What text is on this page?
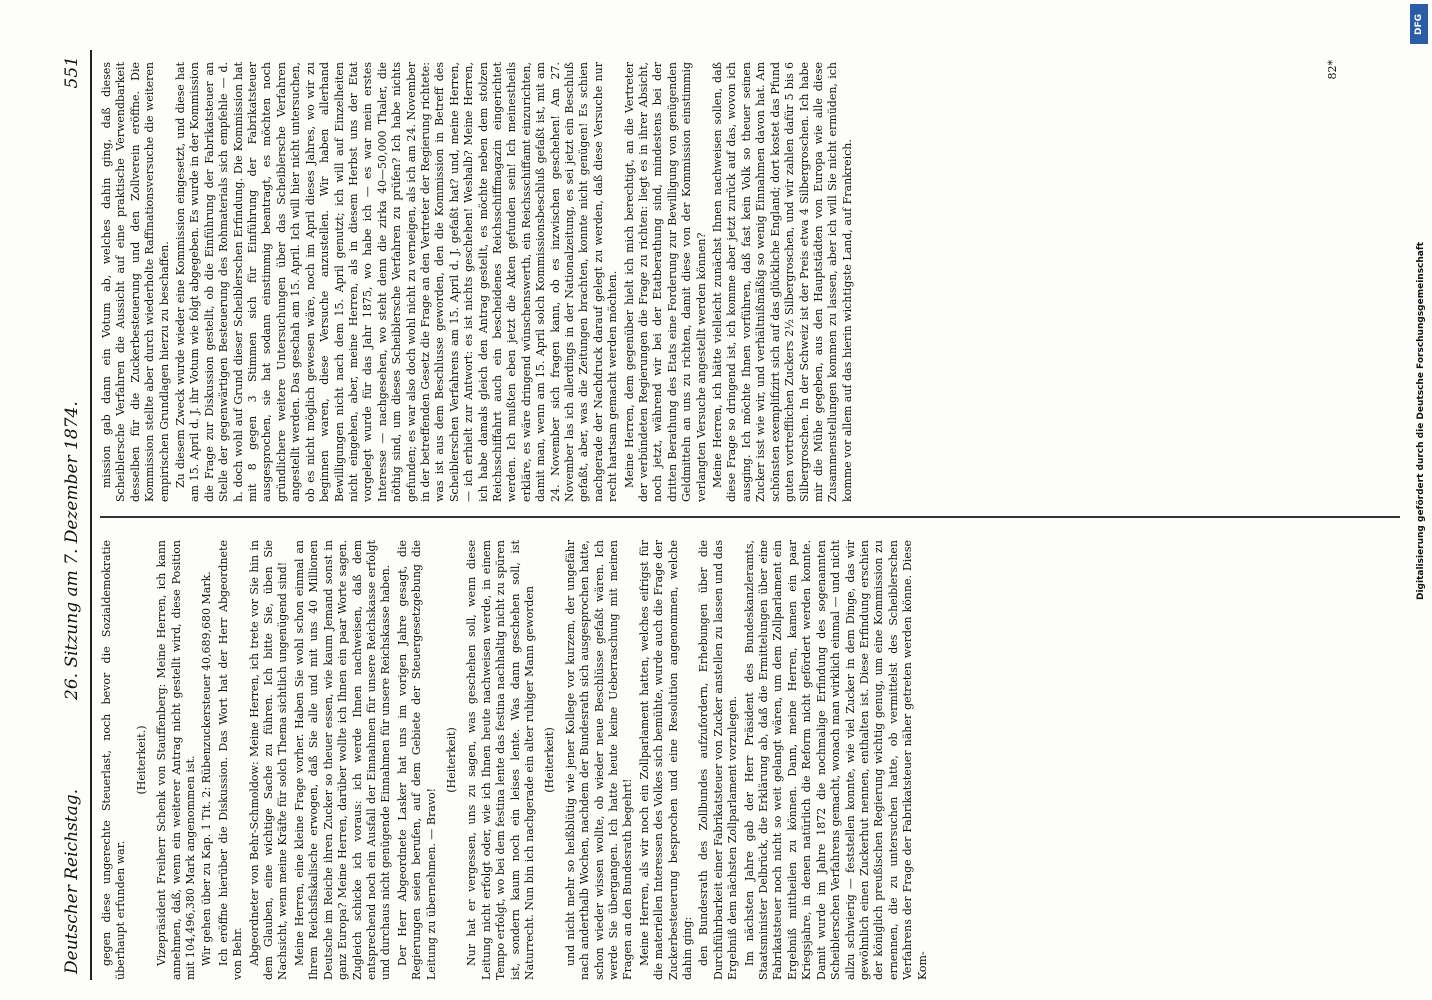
Deutscher Reichstag.
26. Sitzung am 7. Dezember 1874.
551

gegen diese ungerechte Steuerlast, noch bevor die Sozialdemokratie überhaupt erfunden war.

(Heiterkeit.) Vizepräsident Freiherr Schenk von Stauffenberg: Meine Herren, ich kann annehmen, daß, wenn ein weiterer Antrag nicht gestellt wird, diese Position mit 104,496,380 Mark angenommen ist. Wir gehen über zu Kap. 1 Tit. 2: Rübenzuckersteuer 40,689,680 Mark. Ich eröffne hierüber die Diskussion. Das Wort hat der Herr Abgeordnete von Behr. Abgeordneter von Behr-Schmoldow: Meine Herren, ich trete vor Sie hin in dem Glauben, eine wichtige Sache zu führen. Ich bitte Sie, üben Sie Nachsicht, wenn meine Kräfte für solch Thema sichtlich ungenügend sind! Meine Herren, eine kleine Frage vorher. Haben Sie wohl schon einmal an Ihrem Reichsfiskalische erwogen, daß Sie alle und mit uns 40 Millionen Deutsche im Reiche ihren Zucker so theuer essen, wie kaum Jemand sonst in ganz Europa? Meine Herren, darüber wollte ich Ihnen ein paar Worte sagen. Zugleich schicke ich voraus: ich werde Ihnen nachweisen, daß dem entsprechend noch ein Ausfall der Einnahmen für unsere Reichskasse erfolgt und durchaus nicht genügende Einnahmen für unsere Reichskasse haben. Der Herr Abgeordnete Lasker hat uns im vorigen Jahre gesagt, die Regierungen seien berufen, auf dem Gebiete der Steuergesetzgebung die Leitung zu übernehmen. — Bravo!

(Heiterkeit) Nur hat er vergessen, uns zu sagen, was geschehen soll, wenn diese Leitung nicht erfolgt oder, wie ich Ihnen heute nachweisen werde, in einem Tempo erfolgt, wo bei dem festina lente das festina nachhaltig nicht zu spüren ist, sondern kaum noch ein leises lente. Was dann geschehen soll, ist Naturrecht. Nun bin ich nachgerade ein alter ruhiger Mann geworden (Heiterkeit) und nicht mehr so heißblütig wie jener Kollege vor kurzem, der ungefähr nach anderthalb Wochen, nachdem der Bundesrath sich ausgesprochen hatte, schon wieder wissen wollte, ob wieder neue Beschlüsse gefaßt wären. Ich werde Sie übergangen. Ich hatte heute keine Ueberraschung mit meinen Fragen an den Bundesrath begehrt! Meine Herren, als wir noch ein Zollparlament hatten, welches eifrigst für die materiellen Interessen des Volkes sich bemühte, wurde auch die Frage der Zuckerbesteuerung besprochen und eine Resolution angenommen, welche dahin ging: den Bundesrath des Zollbundes aufzufordern, Erhebungen über die Durchführbarkeit einer Fabrikatsteuer von Zucker anstellen zu lassen und das Ergebniß dem nächsten Zollparlament vorzulegen. Im nächsten Jahre gab der Herr Präsident des Bundeskanzleramts, Staatsminister Delbrück, die Erklärung ab, daß die Ermittelungen über eine Fabrikatsteuer noch nicht so weit gelangt wären, um dem Zollparlament ein Ergebniß mittheilen zu können. Dann, meine Herren, kamen ein paar Kriegsjahre, in denen natürlich die Reform nicht gefördert werden konnte. Damit wurde im Jahre 1872 die nochmalige Erfindung des sogenannten Scheiblerschen Verfahrens gemacht, wonach man wirklich einmal — und nicht allzu schwierig — feststellen konnte, wie viel Zucker in dem Dinge, das wir gewöhnlich einen Zuckerhut nennen, enthalten ist. Diese Erfindung erschien der königlich preußischen Regierung wichtig genug, um eine Kommission zu ernennen, die zu untersuchen hatte, ob vermittelst des Scheiblerschen Verfahrens der Frage der Fabrikatsteuer näher getreten werden könne. Diese Kom-

mission gab dann ein Votum ab, welches dahin ging, daß dieses Scheiblersche Verfahren die Aussicht auf eine praktische Verwendbarkeit desselben für die Zuckerbesteuerung und den Zollverein eröffne. Die Kommission stellte aber durch wiederholte Raffinationsversuche die weiteren empirischen Grundlagen hierzu zu beschaffen. Zu diesem Zweck wurde wieder eine Kommission eingesetzt, und diese hat am 15. April d. J. ihr Votum wie folgt abgegeben. Es wurde in der Kommission die Frage zur Diskussion gestellt, ob die Einführung der Fabrikatsteuer an Stelle der gegenwärtigen Besteuerung des Rohmaterials sich empfehle — d. h. doch wohl auf Grund dieser Scheiblerschen Erfindung. Die Kommission hat mit 8 gegen 3 Stimmen sich für Einführung der Fabrikatsteuer ausgesprochen, sie hat sodann einstimmig beantragt, es möchten noch gründlichere weitere Untersuchungen über das Scheiblersche Verfahren angestellt werden. Das geschah am 15. April. Ich will hier nicht untersuchen, ob es nicht möglich gewesen wäre, noch im April dieses Jahres, wo wir zu beginnen waren, diese Versuche anzustellen. Wir haben allerhand Bewilligungen nicht nach dem 15. April genutzt; ich will auf Einzelheiten nicht eingehen, aber, meine Herren, als in diesem Herbst uns der Etat vorgelegt wurde für das Jahr 1875, wo habe ich — es war mein erstes Interesse — nachgesehen, wo steht denn die zirka 40—50,000 Thaler, die nöthig sind, um dieses Scheiblersche Verfahren zu prüfen? Ich habe nichts gefunden; es war also doch wohl nicht zu verneigen, als ich am 24. November in der betreffenden Gesetz die Frage an den Vertreter der Regierung richtete: was ist aus dem Beschlusse geworden, den die Kommission in Betreff des Scheiblerschen Verfahrens am 15. April d. J. gefaßt hat? und, meine Herren, — ich erhielt zur Antwort: es ist nichts geschehen! Weshalb? Meine Herren, ich habe damals gleich den Antrag gestellt, es möchte neben dem stolzen Reichsschiffahrt auch ein bescheidenes Reichsschiffmagazin eingerichtet werden. Ich mußten eben jetzt die Akten gefunden sein! Ich meinestheils erkläre, es wäre dringend wünschenswerth, ein Reichsschiffamt einzurichten, damit man, wenn am 15. April solch Kommissionsbeschluß gefaßt ist, mit am 24. November sich fragen kann, ob es inzwischen geschehen! Am 27. November las ich allerdings in der Nationalzeitung, es sei jetzt ein Beschluß gefaßt, aber, was die Zeitungen brachten, konnte nicht genügen! Es schien nachgerade der Nachdruck darauf gelegt zu werden, daß diese Versuche nur recht hartsam gemacht werden möchten. Meine Herren, dem gegenüber hielt ich mich berechtigt, an die Vertreter der verbündeten Regierungen die Frage zu richten: liegt es in ihrer Absicht, noch jetzt, während wir bei der Etatberathung sind, mindestens bei der dritten Berathung des Etats eine Forderung zur Bewilligung von genügenden Geldmitteln an uns zu richten, damit diese von der Kommission einstimmig verlangten Versuche angestellt werden können? Meine Herren, ich hätte vielleicht zunächst Ihnen nachweisen sollen, daß diese Frage so dringend ist, ich komme aber jetzt zurück auf das, wovon ich ausging. Ich möchte Ihnen vorführen, daß fast kein Volk so theuer seinen Zucker isst wie wir, und verhältnißmäßig so wenig Einnahmen davon hat. Am schönsten exemplifizirt sich auf das glückliche England; dort kostet das Pfund guten vortrefflichen Zuckers 2½ Silbergroschen, und wir zahlen dafür 5 bis 6 Silbergroschen. In der Schweiz ist der Preis etwa 4 Silbergroschen. Ich habe mir die Mühe gegeben, aus den Hauptstädten von Europa wie alle diese Zusammenstellungen kommen zu lassen, aber ich will Sie nicht ermüden, ich komme vor allem auf das hierin wichtigste Land, auf Frankreich.

82*
DFG
Digitalisierung gefördert durch die Deutsche Forschungsgemeinschaft
